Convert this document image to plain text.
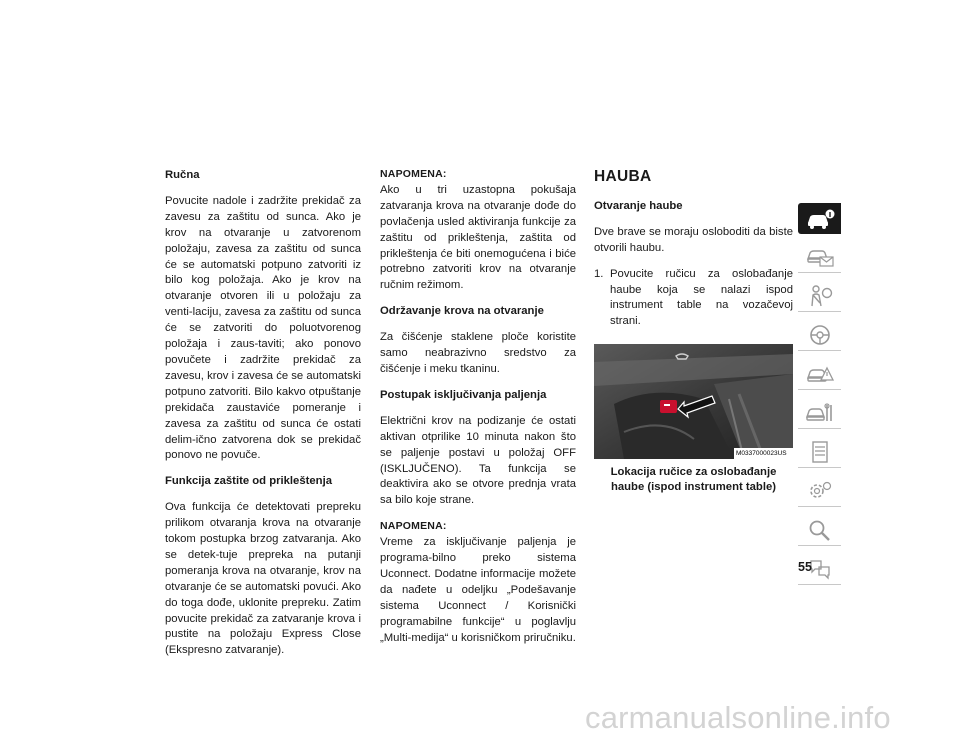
Ručna

Povucite nadole i zadržite prekidač za zavesu za zaštitu od sunca. Ako je krov na otvaranje u zatvorenom položaju, zavesa za zaštitu od sunca će se automatski potpuno zatvoriti iz bilo kog položaja. Ako je krov na otvaranje otvoren ili u položaju za venti-laciju, zavesa za zaštitu od sunca će se zatvoriti do poluotvorenog položaja i zaus-taviti; ako ponovo povučete i zadržite prekidač za zavesu, krov i zavesa će se automatski potpuno zatvoriti. Bilo kakvo otpuštanje prekidača zaustaviće pomeranje i zavesa za zaštitu od sunca će ostati delim-ično zatvorena dok se prekidač ponovo ne povuče.

Funkcija zaštite od prikleštenja

Ova funkcija će detektovati prepreku prilikom otvaranja krova na otvaranje tokom postupka brzog zatvaranja. Ako se detek-tuje prepreka na putanji pomeranja krova na otvaranje, krov na otvaranje će se automatski povući. Ako do toga dođe, uklonite prepreku. Zatim povucite prekidač za zatvaranje krova i pustite na položaju Express Close (Ekspresno zatvaranje).

NAPOMENA:

Ako u tri uzastopna pokušaja zatvaranja krova na otvaranje dođe do povlačenja usled aktiviranja funkcije za zaštitu od prikleštenja, zaštita od prikleštenja će biti onemogućena i biće potrebno zatvoriti krov na otvaranje ručnim režimom.

Održavanje krova na otvaranje

Za čišćenje staklene ploče koristite samo neabrazivno sredstvo za čišćenje i meku tkaninu.

Postupak isključivanja paljenja

Električni krov na podizanje će ostati aktivan otprilike 10 minuta nakon što se paljenje postavi u položaj OFF (ISKLJUČENO). Ta funkcija se deaktivira ako se otvore prednja vrata sa bilo koje strane.

NAPOMENA:

Vreme za isključivanje paljenja je programa-bilno preko sistema Uconnect. Dodatne informacije možete da nađete u odeljku „Podešavanje sistema Uconnect / Korisnički programabilne funkcije“ u poglavlju „Multi-medija“ u korisničkom priručniku.

HAUBA
Otvaranje haube

Dve brave se moraju osloboditi da biste otvorili haubu.

1. Povucite ručicu za oslobađanje haube koja se nalazi ispod instrument table na vozačevoj strani.
M0337000023US
Lokacija ručice za oslobađanje haube (ispod instrument table)
55
carmanualsonline.info
